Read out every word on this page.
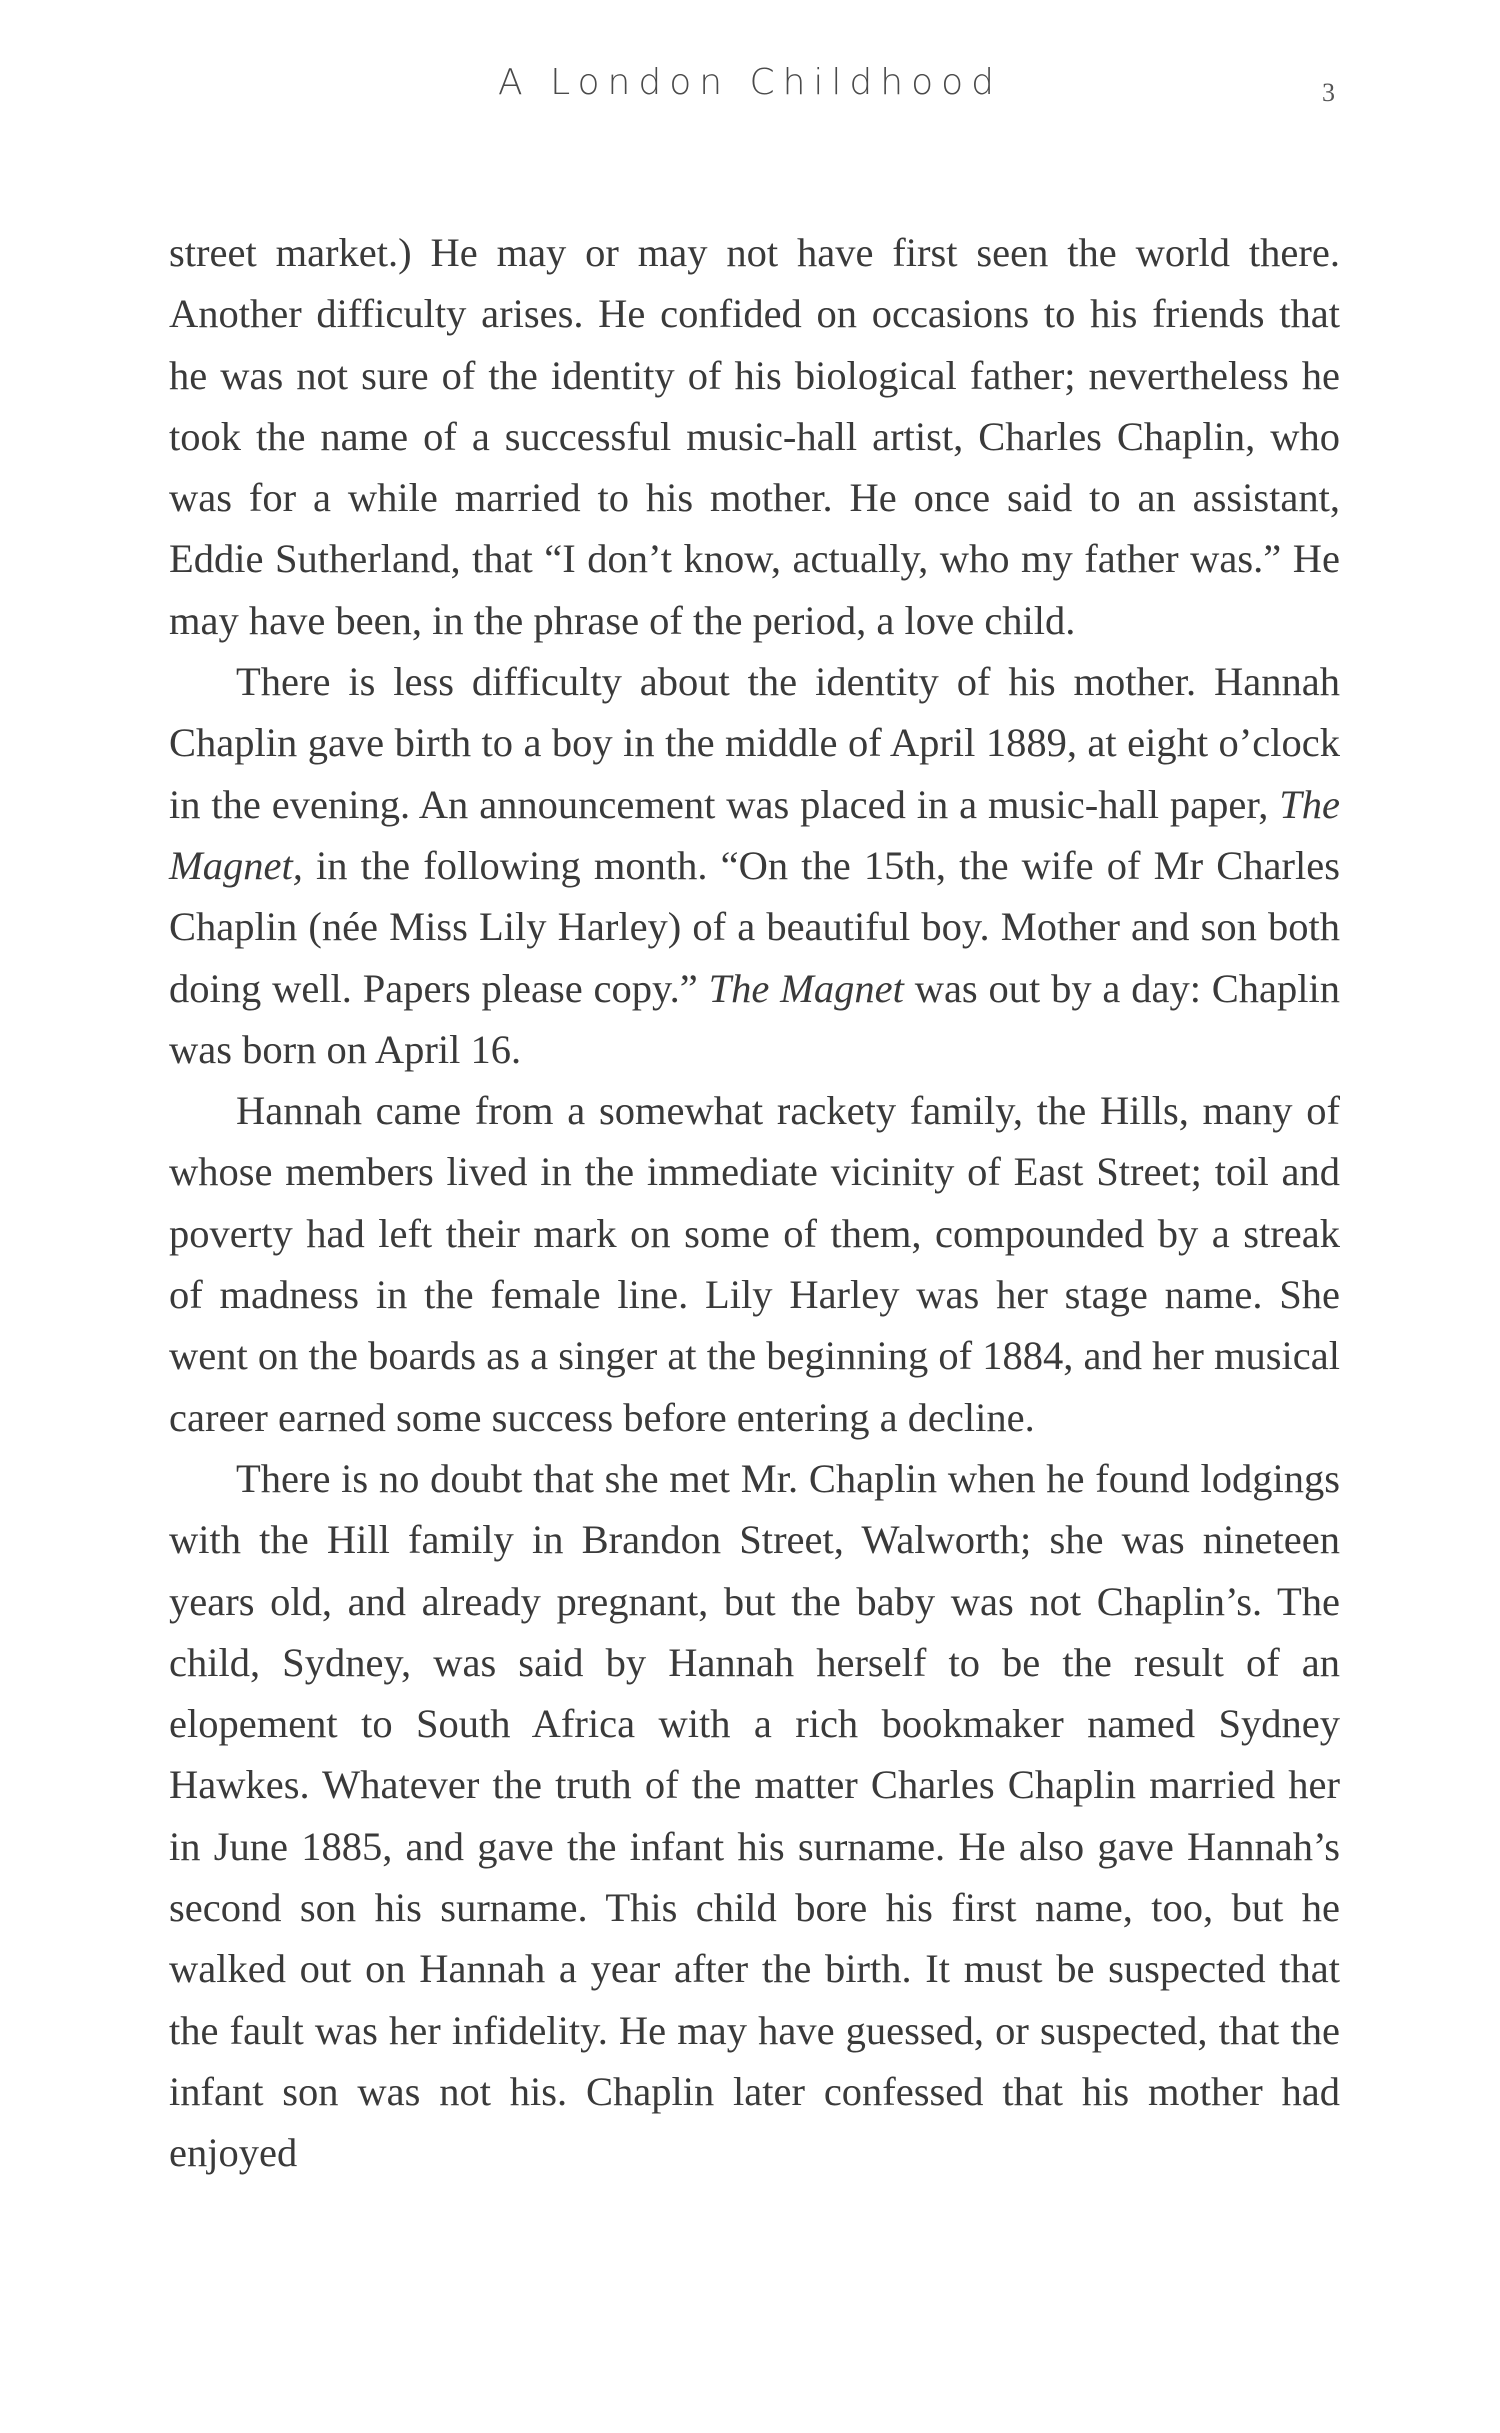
A London Childhood	3

street market.) He may or may not have first seen the world there. Another difficulty arises. He confided on occasions to his friends that he was not sure of the identity of his biological father; nevertheless he took the name of a successful music-hall artist, Charles Chaplin, who was for a while married to his mother. He once said to an assistant, Eddie Sutherland, that “I don’t know, actually, who my father was.” He may have been, in the phrase of the period, a love child.

There is less difficulty about the identity of his mother. Hannah Chaplin gave birth to a boy in the middle of April 1889, at eight o’clock in the evening. An announcement was placed in a music-hall paper, The Magnet, in the following month. “On the 15th, the wife of Mr Charles Chaplin (née Miss Lily Harley) of a beautiful boy. Mother and son both doing well. Papers please copy.” The Magnet was out by a day: Chaplin was born on April 16.

Hannah came from a somewhat rackety family, the Hills, many of whose members lived in the immediate vicinity of East Street; toil and poverty had left their mark on some of them, compounded by a streak of madness in the female line. Lily Harley was her stage name. She went on the boards as a singer at the beginning of 1884, and her musical career earned some success before entering a decline.

There is no doubt that she met Mr. Chaplin when he found lodgings with the Hill family in Brandon Street, Walworth; she was nineteen years old, and already pregnant, but the baby was not Chaplin’s. The child, Sydney, was said by Hannah herself to be the result of an elopement to South Africa with a rich bookmaker named Sydney Hawkes. Whatever the truth of the matter Charles Chaplin married her in June 1885, and gave the infant his surname. He also gave Hannah’s second son his surname. This child bore his first name, too, but he walked out on Hannah a year after the birth. It must be suspected that the fault was her infidelity. He may have guessed, or suspected, that the infant son was not his. Chaplin later confessed that his mother had enjoyed
